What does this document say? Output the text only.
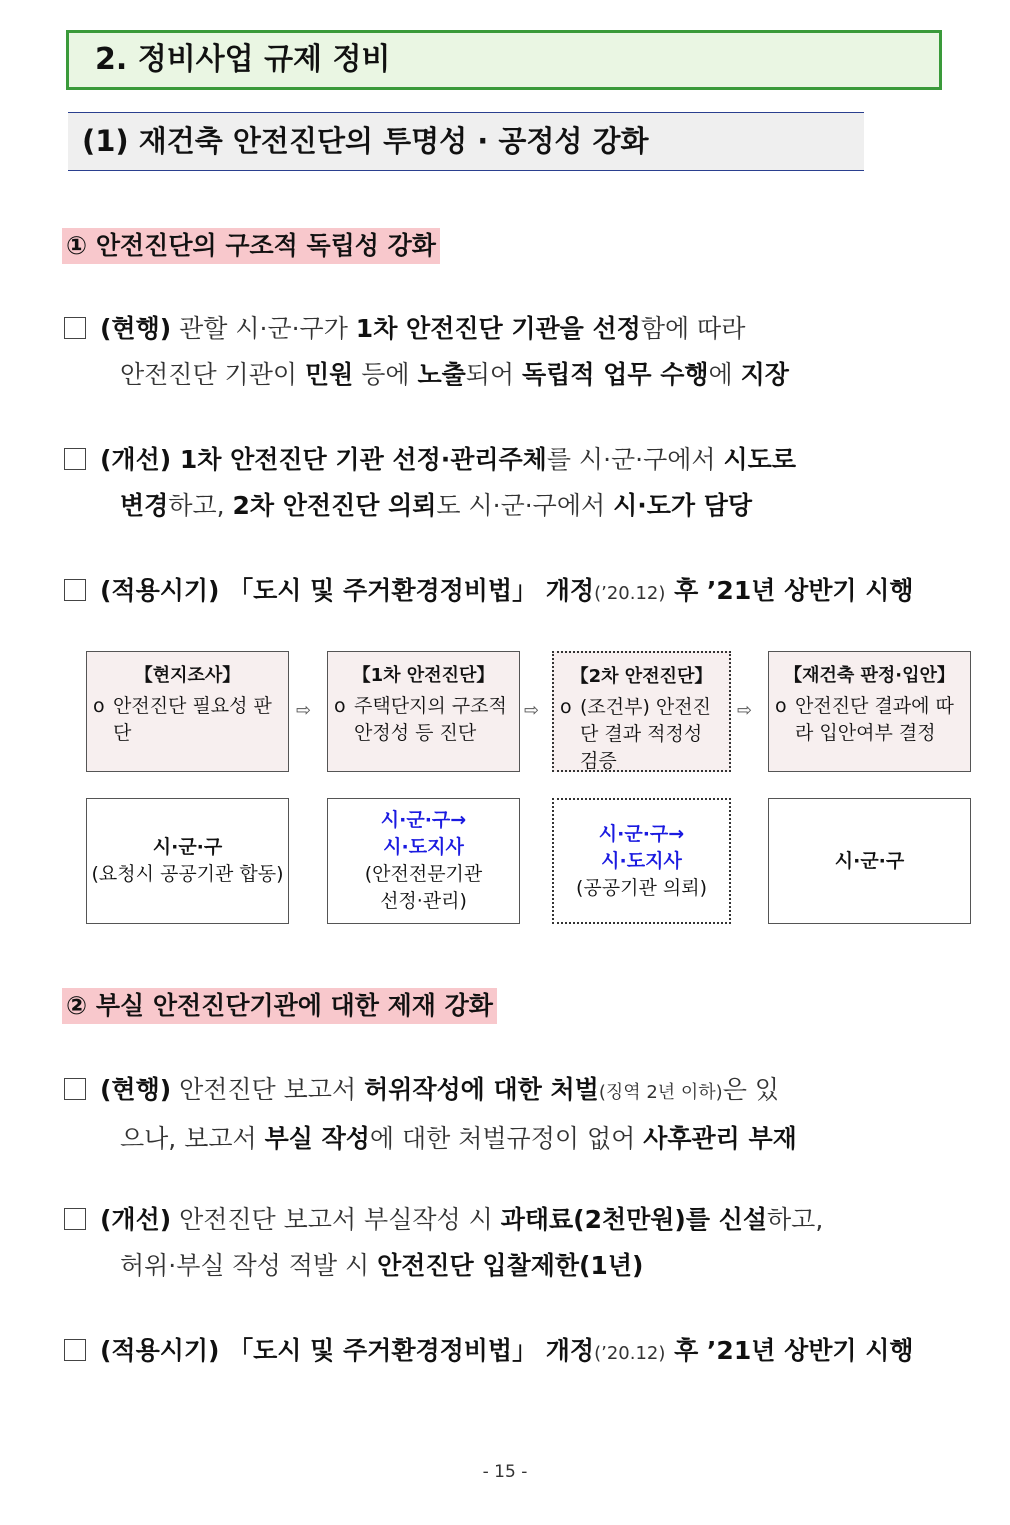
2. 정비사업 규제 정비
(1) 재건축 안전진단의 투명성 · 공정성 강화
① 안전진단의 구조적 독립성 강화
(현행) 관할 시·군·구가 1차 안전진단 기관을 선정함에 따라
안전진단 기관이 민원 등에 노출되어 독립적 업무 수행에 지장
(개선) 1차 안전진단 기관 선정·관리주체를 시·군·구에서 시도로
변경하고, 2차 안전진단 의뢰도 시·군·구에서 시·도가 담당
(적용시기) 「도시 및 주거환경정비법」 개정(’20.12) 후 ’21년 상반기 시행
【현지조사】
o 안전진단 필요성 판단
⇨
【1차 안전진단】
o 주택단지의 구조적 안정성 등 진단
⇨
【2차 안전진단】
o (조건부) 안전진단 결과 적정성 검증
⇨
【재건축 판정·입안】
o 안전진단 결과에 따라 입안여부 결정
시·군·구
(요청시 공공기관 합동)
시·군·구→
시·도지사
(안전전문기관
선정·관리)
시·군·구→
시·도지사
(공공기관 의뢰)
시·군·구
② 부실 안전진단기관에 대한 제재 강화
(현행) 안전진단 보고서 허위작성에 대한 처벌(징역 2년 이하)은 있
으나, 보고서 부실 작성에 대한 처벌규정이 없어 사후관리 부재
(개선) 안전진단 보고서 부실작성 시 과태료(2천만원)를 신설하고,
허위·부실 작성 적발 시 안전진단 입찰제한(1년)
(적용시기) 「도시 및 주거환경정비법」 개정(’20.12) 후 ’21년 상반기 시행
- 15 -
